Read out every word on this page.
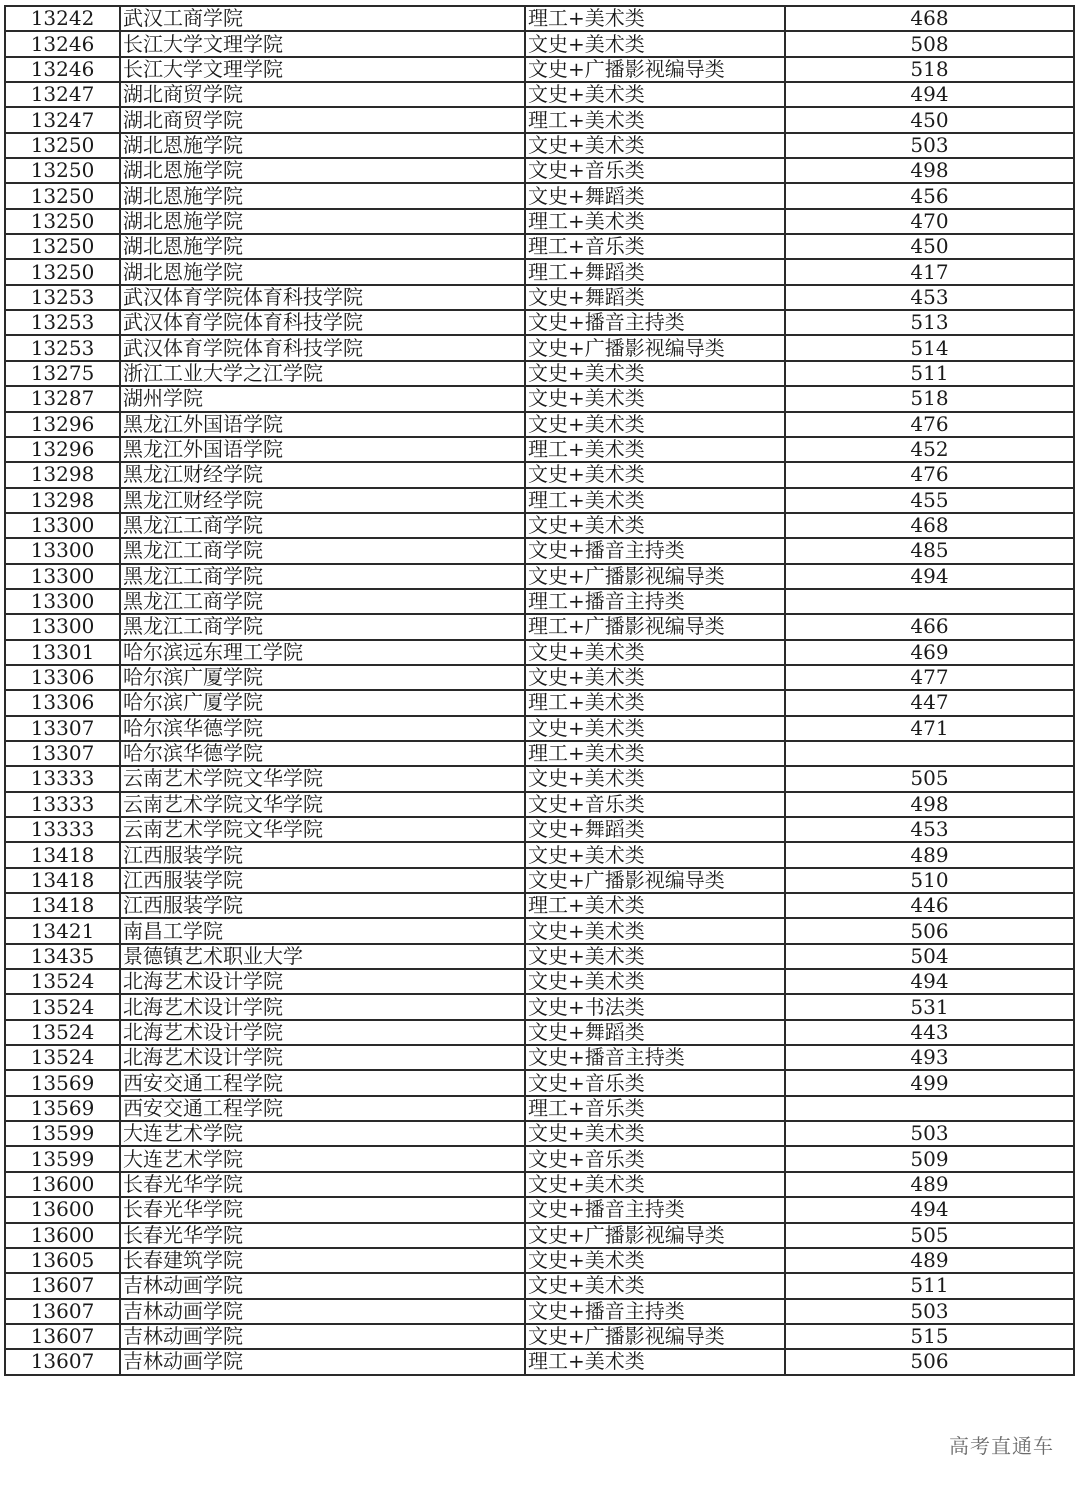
13242	武汉工商学院	理工+美术类	468
13246	长江大学文理学院	文史+美术类	508
13246	长江大学文理学院	文史+广播影视编导类	518
13247	湖北商贸学院	文史+美术类	494
13247	湖北商贸学院	理工+美术类	450
13250	湖北恩施学院	文史+美术类	503
13250	湖北恩施学院	文史+音乐类	498
13250	湖北恩施学院	文史+舞蹈类	456
13250	湖北恩施学院	理工+美术类	470
13250	湖北恩施学院	理工+音乐类	450
13250	湖北恩施学院	理工+舞蹈类	417
13253	武汉体育学院体育科技学院	文史+舞蹈类	453
13253	武汉体育学院体育科技学院	文史+播音主持类	513
13253	武汉体育学院体育科技学院	文史+广播影视编导类	514
13275	浙江工业大学之江学院	文史+美术类	511
13287	湖州学院	文史+美术类	518
13296	黑龙江外国语学院	文史+美术类	476
13296	黑龙江外国语学院	理工+美术类	452
13298	黑龙江财经学院	文史+美术类	476
13298	黑龙江财经学院	理工+美术类	455
13300	黑龙江工商学院	文史+美术类	468
13300	黑龙江工商学院	文史+播音主持类	485
13300	黑龙江工商学院	文史+广播影视编导类	494
13300	黑龙江工商学院	理工+播音主持类	
13300	黑龙江工商学院	理工+广播影视编导类	466
13301	哈尔滨远东理工学院	文史+美术类	469
13306	哈尔滨广厦学院	文史+美术类	477
13306	哈尔滨广厦学院	理工+美术类	447
13307	哈尔滨华德学院	文史+美术类	471
13307	哈尔滨华德学院	理工+美术类	
13333	云南艺术学院文华学院	文史+美术类	505
13333	云南艺术学院文华学院	文史+音乐类	498
13333	云南艺术学院文华学院	文史+舞蹈类	453
13418	江西服装学院	文史+美术类	489
13418	江西服装学院	文史+广播影视编导类	510
13418	江西服装学院	理工+美术类	446
13421	南昌工学院	文史+美术类	506
13435	景德镇艺术职业大学	文史+美术类	504
13524	北海艺术设计学院	文史+美术类	494
13524	北海艺术设计学院	文史+书法类	531
13524	北海艺术设计学院	文史+舞蹈类	443
13524	北海艺术设计学院	文史+播音主持类	493
13569	西安交通工程学院	文史+音乐类	499
13569	西安交通工程学院	理工+音乐类	
13599	大连艺术学院	文史+美术类	503
13599	大连艺术学院	文史+音乐类	509
13600	长春光华学院	文史+美术类	489
13600	长春光华学院	文史+播音主持类	494
13600	长春光华学院	文史+广播影视编导类	505
13605	长春建筑学院	文史+美术类	489
13607	吉林动画学院	文史+美术类	511
13607	吉林动画学院	文史+播音主持类	503
13607	吉林动画学院	文史+广播影视编导类	515
13607	吉林动画学院	理工+美术类	506
高考直通车
